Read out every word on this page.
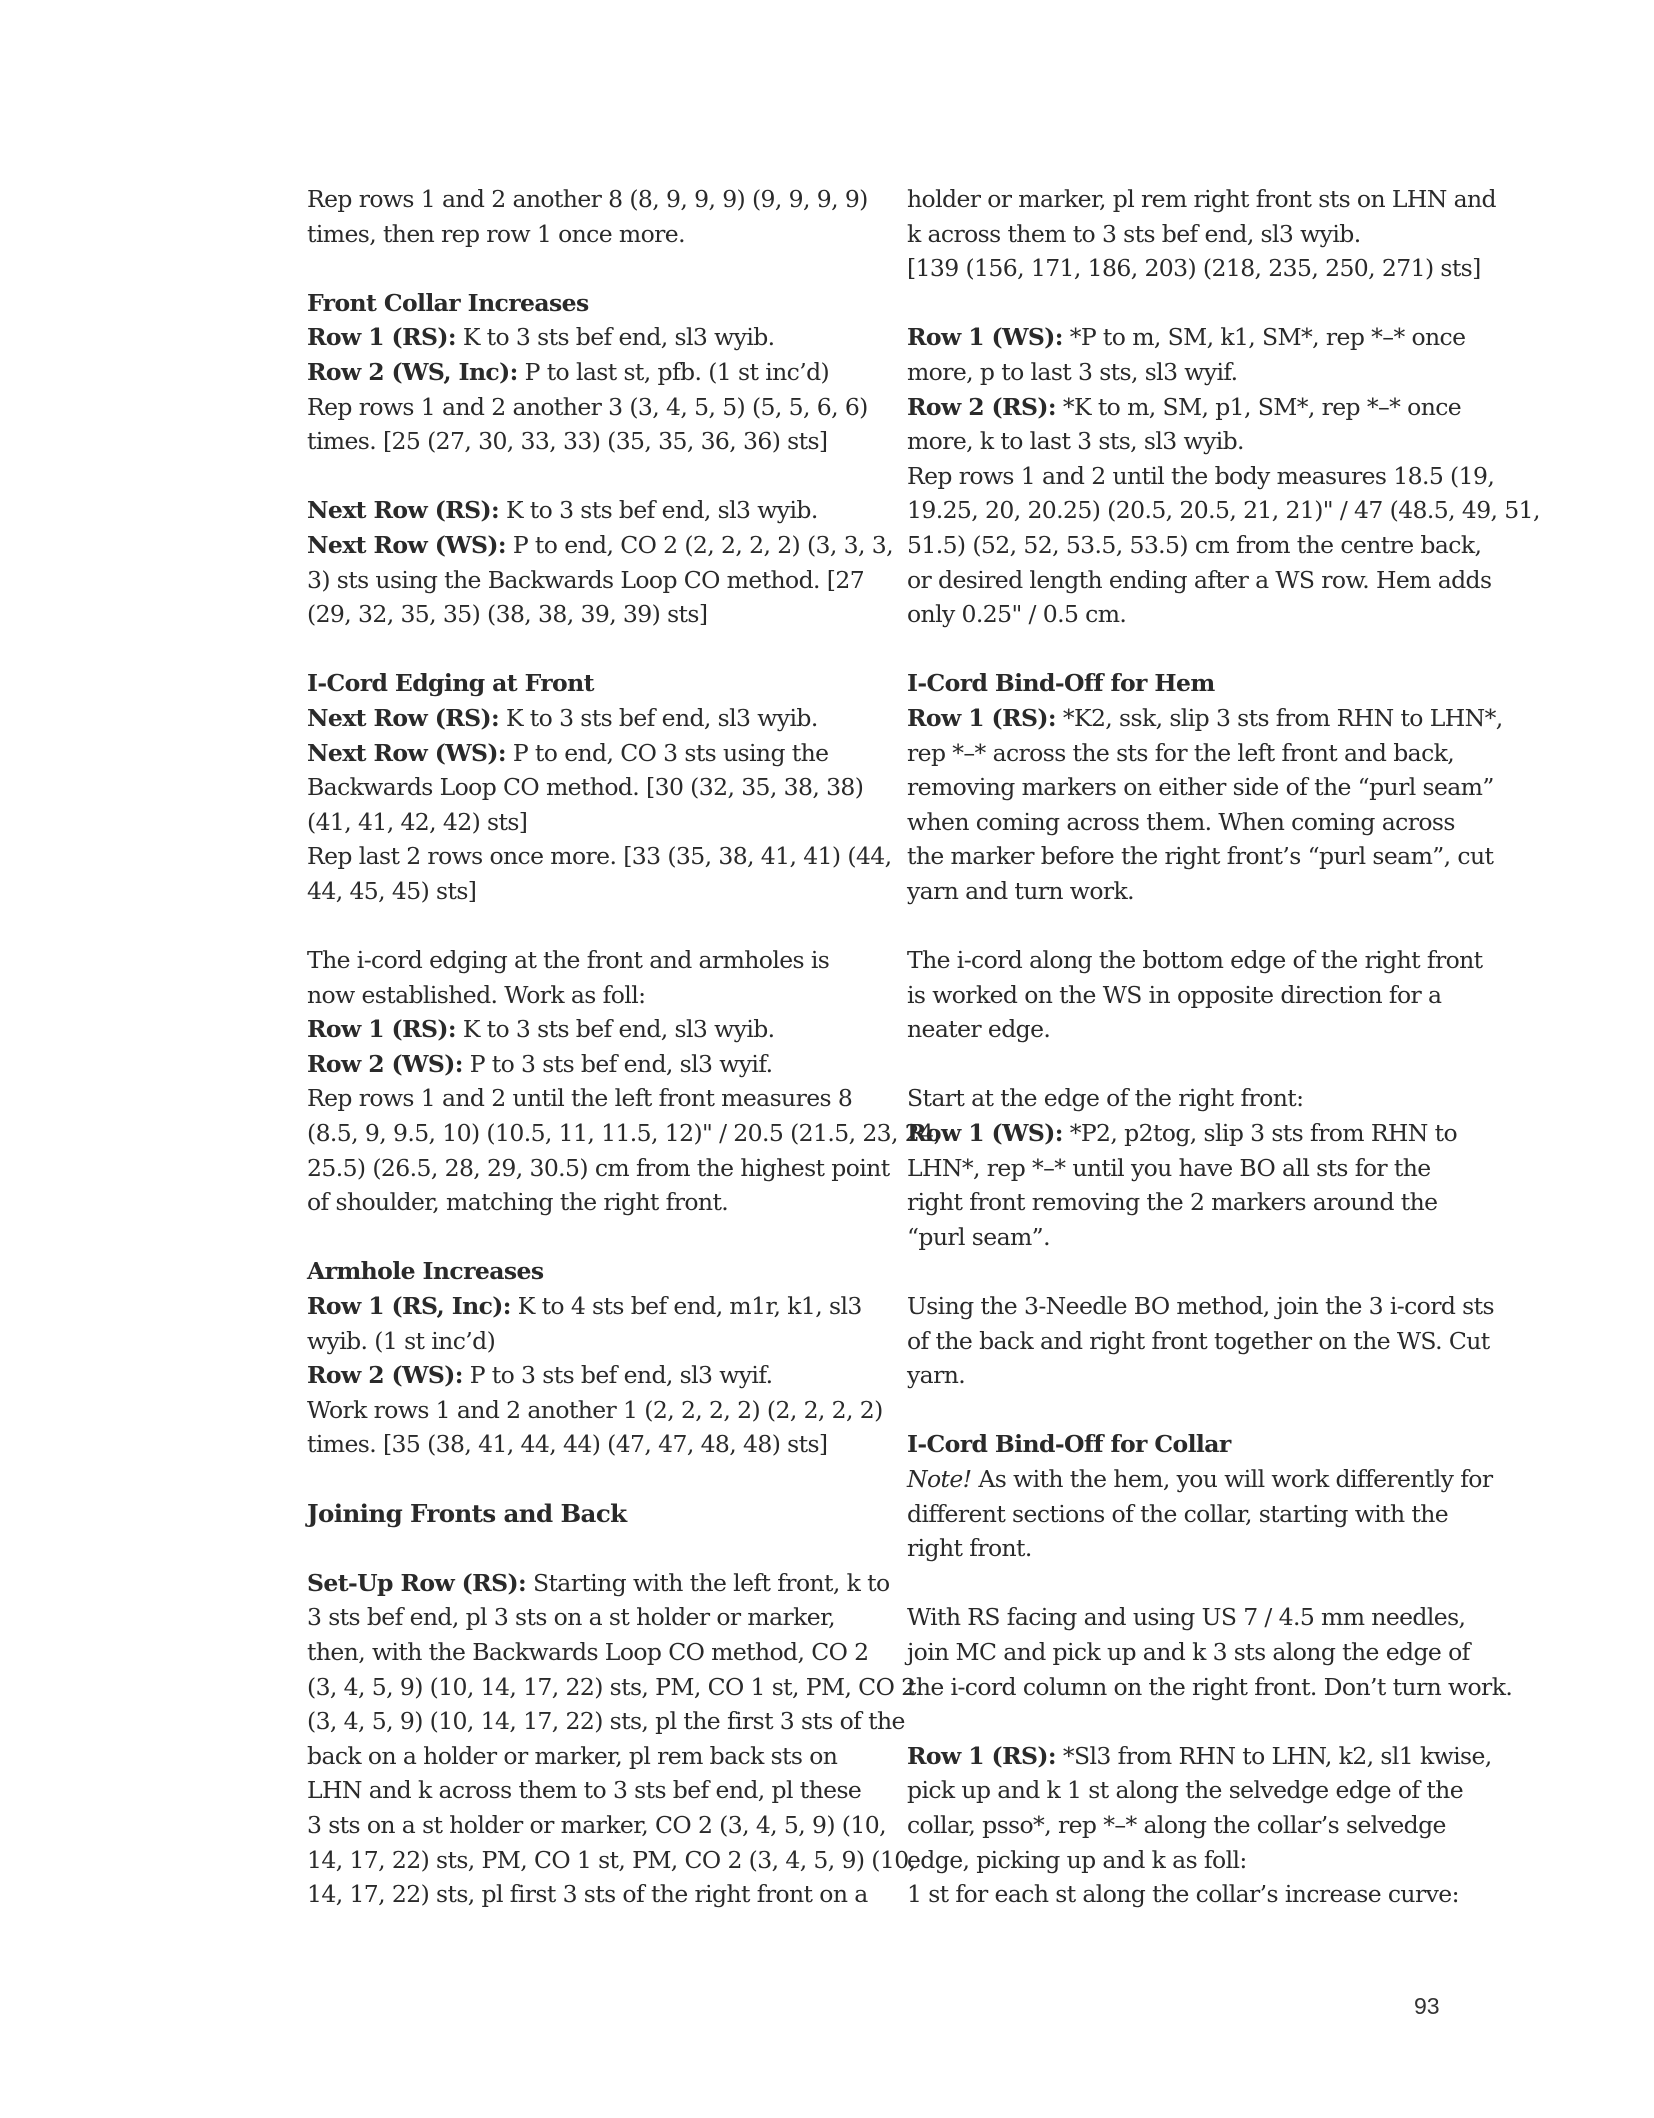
Rep rows 1 and 2 another 8 (8, 9, 9, 9) (9, 9, 9, 9)
times, then rep row 1 once more.

Front Collar Increases
Row 1 (RS): K to 3 sts bef end, sl3 wyib.
Row 2 (WS, Inc): P to last st, pfb. (1 st inc’d)
Rep rows 1 and 2 another 3 (3, 4, 5, 5) (5, 5, 6, 6)
times. [25 (27, 30, 33, 33) (35, 35, 36, 36) sts]

Next Row (RS): K to 3 sts bef end, sl3 wyib.
Next Row (WS): P to end, CO 2 (2, 2, 2, 2) (3, 3, 3,
3) sts using the Backwards Loop CO method. [27
(29, 32, 35, 35) (38, 38, 39, 39) sts]

I-Cord Edging at Front
Next Row (RS): K to 3 sts bef end, sl3 wyib.
Next Row (WS): P to end, CO 3 sts using the
Backwards Loop CO method. [30 (32, 35, 38, 38)
(41, 41, 42, 42) sts]
Rep last 2 rows once more. [33 (35, 38, 41, 41) (44,
44, 45, 45) sts]

The i-cord edging at the front and armholes is
now established. Work as foll:
Row 1 (RS): K to 3 sts bef end, sl3 wyib.
Row 2 (WS): P to 3 sts bef end, sl3 wyif.
Rep rows 1 and 2 until the left front measures 8
(8.5, 9, 9.5, 10) (10.5, 11, 11.5, 12)" / 20.5 (21.5, 23, 24,
25.5) (26.5, 28, 29, 30.5) cm from the highest point
of shoulder, matching the right front.

Armhole Increases
Row 1 (RS, Inc): K to 4 sts bef end, m1r, k1, sl3
wyib. (1 st inc’d)
Row 2 (WS): P to 3 sts bef end, sl3 wyif.
Work rows 1 and 2 another 1 (2, 2, 2, 2) (2, 2, 2, 2)
times. [35 (38, 41, 44, 44) (47, 47, 48, 48) sts]

Joining Fronts and Back

Set-Up Row (RS): Starting with the left front, k to
3 sts bef end, pl 3 sts on a st holder or marker,
then, with the Backwards Loop CO method, CO 2
(3, 4, 5, 9) (10, 14, 17, 22) sts, PM, CO 1 st, PM, CO 2
(3, 4, 5, 9) (10, 14, 17, 22) sts, pl the first 3 sts of the
back on a holder or marker, pl rem back sts on
LHN and k across them to 3 sts bef end, pl these
3 sts on a st holder or marker, CO 2 (3, 4, 5, 9) (10,
14, 17, 22) sts, PM, CO 1 st, PM, CO 2 (3, 4, 5, 9) (10,
14, 17, 22) sts, pl first 3 sts of the right front on a

holder or marker, pl rem right front sts on LHN and
k across them to 3 sts bef end, sl3 wyib.
[139 (156, 171, 186, 203) (218, 235, 250, 271) sts]

Row 1 (WS): *P to m, SM, k1, SM*, rep *–* once
more, p to last 3 sts, sl3 wyif.
Row 2 (RS): *K to m, SM, p1, SM*, rep *–* once
more, k to last 3 sts, sl3 wyib.
Rep rows 1 and 2 until the body measures 18.5 (19,
19.25, 20, 20.25) (20.5, 20.5, 21, 21)" / 47 (48.5, 49, 51,
51.5) (52, 52, 53.5, 53.5) cm from the centre back,
or desired length ending after a WS row. Hem adds
only 0.25" / 0.5 cm.

I-Cord Bind-Off for Hem
Row 1 (RS): *K2, ssk, slip 3 sts from RHN to LHN*,
rep *–* across the sts for the left front and back,
removing markers on either side of the “purl seam”
when coming across them. When coming across
the marker before the right front’s “purl seam”, cut
yarn and turn work.

The i-cord along the bottom edge of the right front
is worked on the WS in opposite direction for a
neater edge.

Start at the edge of the right front:
Row 1 (WS): *P2, p2tog, slip 3 sts from RHN to
LHN*, rep *–* until you have BO all sts for the
right front removing the 2 markers around the
“purl seam”.

Using the 3-Needle BO method, join the 3 i-cord sts
of the back and right front together on the WS. Cut
yarn.

I-Cord Bind-Off for Collar
Note! As with the hem, you will work differently for
different sections of the collar, starting with the
right front.

With RS facing and using US 7 / 4.5 mm needles,
join MC and pick up and k 3 sts along the edge of
the i-cord column on the right front. Don’t turn work.

Row 1 (RS): *Sl3 from RHN to LHN, k2, sl1 kwise,
pick up and k 1 st along the selvedge edge of the
collar, psso*, rep *–* along the collar’s selvedge
edge, picking up and k as foll:
1 st for each st along the collar’s increase curve:

93
